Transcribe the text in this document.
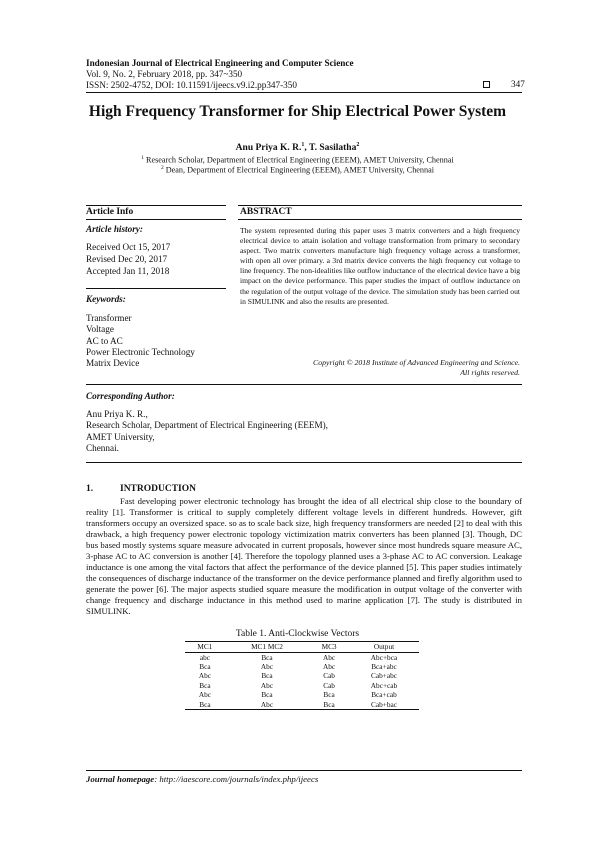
Indonesian Journal of Electrical Engineering and Computer Science
Vol. 9, No. 2, February 2018, pp. 347~350
ISSN: 2502-4752, DOI: 10.11591/ijeecs.v9.i2.pp347-350	347
High Frequency Transformer for Ship Electrical Power System
Anu Priya K. R.$^1$, T. Sasilatha$^2$
$^1$ Research Scholar, Department of Electrical Engineering (EEEM), AMET University, Chennai
$^2$ Dean, Department of Electrical Engineering (EEEM), AMET University, Chennai
Article Info	ABSTRACT
Article history:
Received Oct 15, 2017
Revised Dec 20, 2017
Accepted Jan 11, 2018
Keywords:
Transformer
Voltage
AC to AC
Power Electronic Technology
Matrix Device
The system represented during this paper uses 3 matrix converters and a high frequency electrical device to attain isolation and voltage transformation from primary to secondary aspect. Two matrix converters manufacture high frequency voltage across a transformer, with open all over primary. a 3rd matrix device converts the high frequency cut voltage to line frequency. The non-idealities like outflow inductance of the electrical device have a big impact on the device performance. This paper studies the impact of outflow inductance on the regulation of the output voltage of the device. The simulation study has been carried out in SIMULINK and also the results are presented.
Copyright © 2018 Institute of Advanced Engineering and Science.
All rights reserved.
Corresponding Author:
Anu Priya K. R.,
Research Scholar, Department of Electrical Engineering (EEEM),
AMET University,
Chennai.
1.	INTRODUCTION
Fast developing power electronic technology has brought the idea of all electrical ship close to the boundary of reality [1]. Transformer is critical to supply completely different voltage levels in different hundreds. However, gift transformers occupy an oversized space. so as to scale back size, high frequency transformers are needed [2] to deal with this drawback, a high frequency power electronic topology victimization matrix converters has been planned [3]. Though, DC bus based mostly systems square measure advocated in current proposals, however since most hundreds square measure AC, 3-phase AC to AC conversion is another [4]. Therefore the topology planned uses a 3-phase AC to AC conversion. Leakage inductance is one among the vital factors that affect the performance of the device planned [5]. This paper studies intimately the consequences of discharge inductance of the transformer on the device performance planned and firefly algorithm used to generate the power [6]. The major aspects studied square measure the modification in output voltage of the converter with change frequency and discharge inductance in this method used to marine application [7]. The study is distributed in SIMULINK.
Table 1. Anti-Clockwise Vectors
MC1	MC1 MC2	MC3	Output
abc	Bca	Abc	Abc+bca
Bca	Abc	Abc	Bca+abc
Abc	Bca	Cab	Cab+abc
Bca	Abc	Cab	Abc+cab
Abc	Bca	Bca	Bca+cab
Bca	Abc	Bca	Cab+bac
Journal homepage: http://iaescore.com/journals/index.php/ijeecs
